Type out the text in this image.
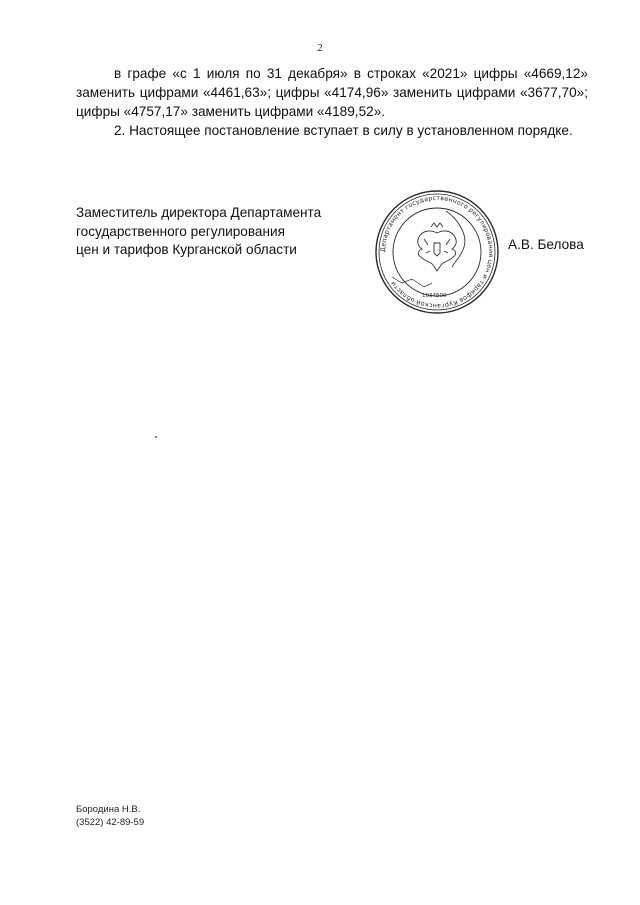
2

в графе «с 1 июля по 31 декабря» в строках «2021» цифры «4669,12» заменить цифрами «4461,63»; цифры «4174,96» заменить цифрами «3677,70»; цифры «4757,17» заменить цифрами «4189,52».

2. Настоящее постановление вступает в силу в установленном порядке.

Заместитель директора Департамента
государственного регулирования
цен и тарифов Курганской области	Департамент государственного регулирования цен и тарифов Курганской области
1034500
А.В. Белова
Бородина Н.В.
(3522) 42-89-59
